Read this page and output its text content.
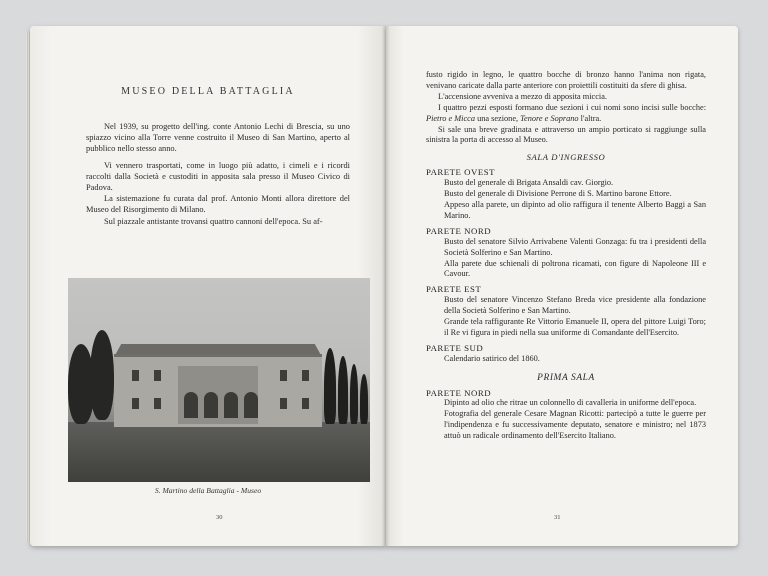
MUSEO DELLA BATTAGLIA

Nel 1939, su progetto dell'ing. conte Antonio Lechi di Brescia, su uno spiazzo vicino alla Torre venne costruito il Museo di San Martino, aperto al pubblico nello stesso anno.

Vi vennero trasportati, come in luogo più adatto, i cimeli e i ricordi raccolti dalla Società e custoditi in apposita sala presso il Museo Civico di Padova.

La sistemazione fu curata dal prof. Antonio Monti allora direttore del Museo del Risorgimento di Milano.

Sul piazzale antistante trovansi quattro cannoni dell'epoca. Su af-

S. Martino della Battaglia - Museo
30

fusto rigido in legno, le quattro bocche di bronzo hanno l'anima non rigata, venivano caricate dalla parte anteriore con proiettili costituiti da sfere di ghisa.

L'accensione avveniva a mezzo di apposita miccia.

I quattro pezzi esposti formano due sezioni i cui nomi sono incisi sulle bocche: Pietro e Micca una sezione, Tenore e Soprano l'altra.

Si sale una breve gradinata e attraverso un ampio porticato si raggiunge sulla sinistra la porta di accesso al Museo.

SALA D'INGRESSO
PARETE OVEST

Busto del generale di Brigata Ansaldi cav. Giorgio.

Busto del generale di Divisione Perrone di S. Martino barone Ettore.

Appeso alla parete, un dipinto ad olio raffigura il tenente Alberto Baggi a San Marino.

PARETE NORD

Busto del senatore Silvio Arrivabene Valenti Gonzaga: fu tra i presidenti della Società Solferino e San Martino.

Alla parete due schienali di poltrona ricamati, con figure di Napoleone III e Cavour.

PARETE EST

Busto del senatore Vincenzo Stefano Breda vice presidente alla fondazione della Società Solferino e San Martino.

Grande tela raffigurante Re Vittorio Emanuele II, opera del pittore Luigi Toro; il Re vi figura in piedi nella sua uniforme di Comandante dell'Esercito.

PARETE SUD

Calendario satirico del 1860.

PRIMA SALA
PARETE NORD

Dipinto ad olio che ritrae un colonnello di cavalleria in uniforme dell'epoca.

Fotografia del generale Cesare Magnan Ricotti: partecipò a tutte le guerre per l'indipendenza e fu successivamente deputato, senatore e ministro; nel 1873 attuò un radicale ordinamento dell'Esercito Italiano.

31
